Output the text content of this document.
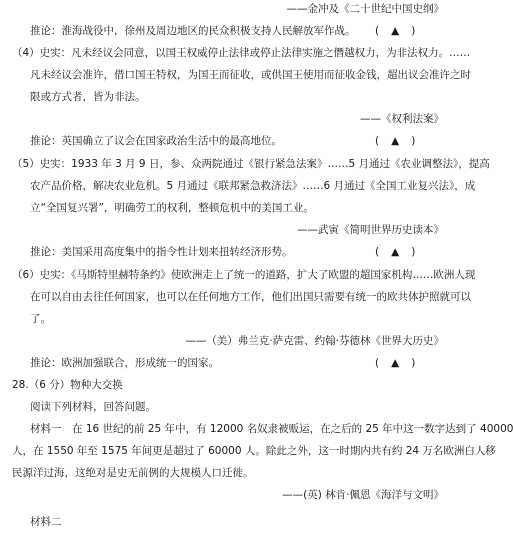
——金冲及《二十世纪中国史纲》
推论：淮海战役中，徐州及周边地区的民众积极支持人民解放军作战。 ( ▲ )
（4）史实：凡未经议会同意，以国王权威停止法律或停止法律实施之僭越权力，为非法权力。……
凡未经议会准许，借口国王特权，为国王而征收，或供国王使用而征收金钱，超出议会准许之时
限或方式者，皆为非法。
——《权利法案》
推论：英国确立了议会在国家政治生活中的最高地位。	( ▲ )
（5）史实：1933 年 3 月 9 日，参、众两院通过《银行紧急法案》……5 月通过《农业调整法》，提高
农产品价格，解决农业危机。5 月通过《联邦紧急救济法》……6 月通过《全国工业复兴法》，成
立“全国复兴署”，明确劳工的权利，整顿危机中的美国工业。
——武寅《简明世界历史读本》
推论：美国采用高度集中的指令性计划来扭转经济形势。	( ▲ )
（6）史实：《马斯特里赫特条约》使欧洲走上了统一的道路，扩大了欧盟的超国家机构……欧洲人现
在可以自由去往任何国家，也可以在任何地方工作，他们出国只需要有统一的欧共体护照就可以
了。
——（美）弗兰克·萨克雷、约翰·芬德林《世界大历史》
推论：欧洲加强联合，形成统一的国家。	( ▲ )
28.（6 分）物种大交换
阅读下列材料，回答问题。
材料一　在 16 世纪的前 25 年中，有 12000 名奴隶被贩运，在之后的 25 年中这一数字达到了 40000
人，在 1550 年至 1575 年间更是超过了 60000 人。除此之外，这一时期内共有约 24 万名欧洲白人移
民源洋过海，这绝对是史无前例的大规模人口迁徙。
——(英) 林肯·佩恩《海洋与文明》
材料二
